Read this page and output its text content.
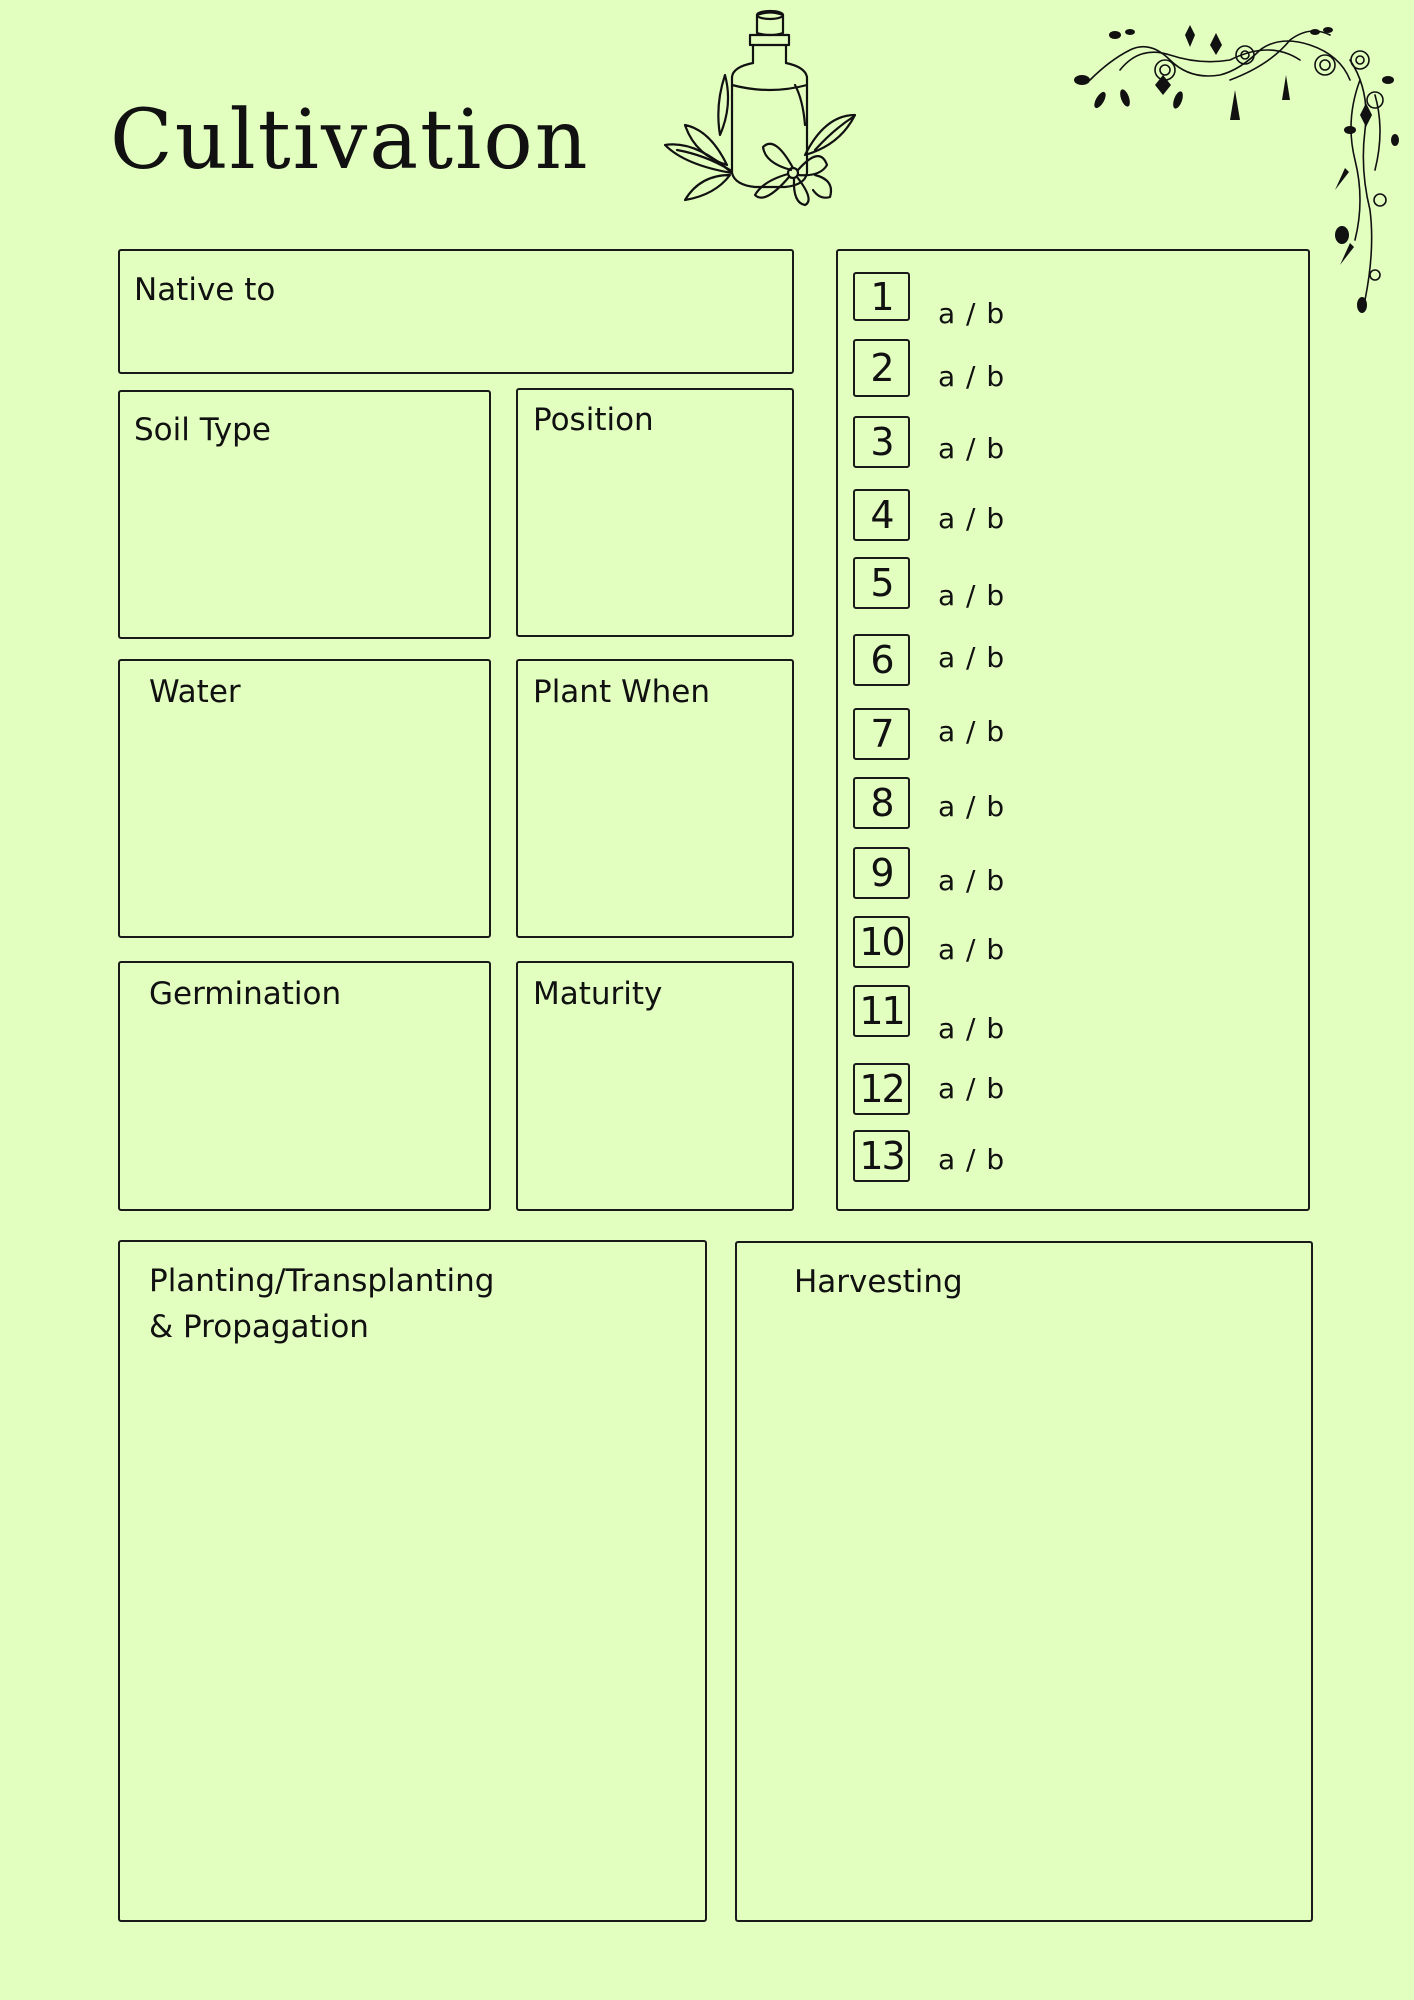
Cultivation
Native to
Soil Type	Position
Water	Plant When
Germination	Maturity
1	a / b
2	a / b
3	a / b
4	a / b
5	a / b
6	a / b
7	a / b
8	a / b
9	a / b
10 a / b
11 a / b
12 a / b
13 a / b
Planting/Transplanting
& Propagation
Harvesting
